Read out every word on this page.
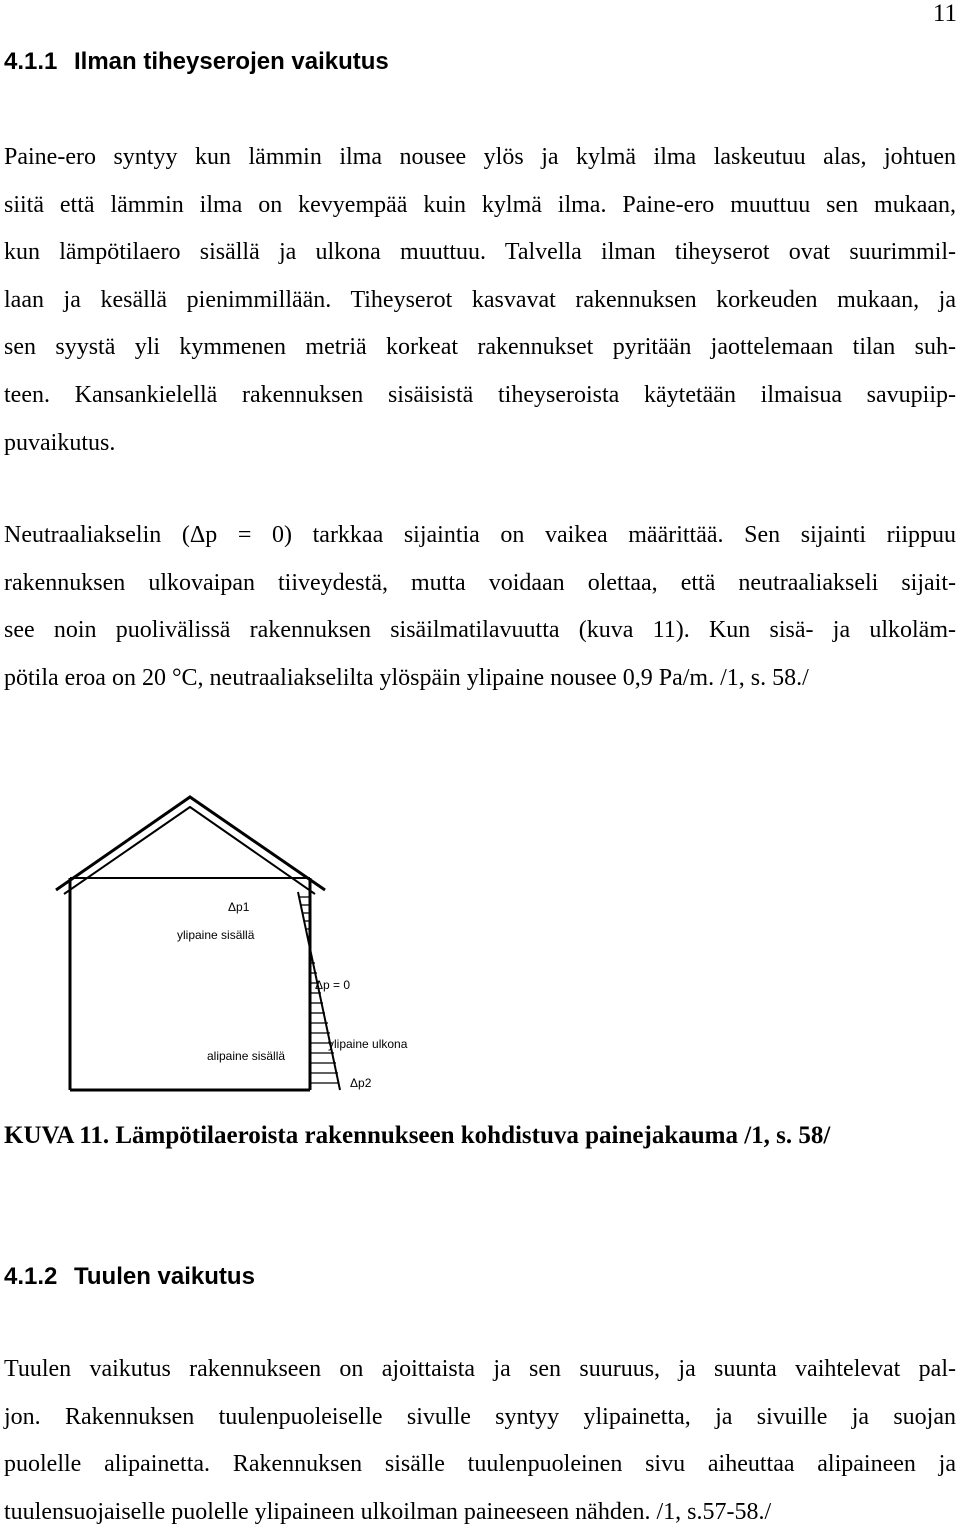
11
4.1.1 Ilman tiheyserojen vaikutus
Paine-ero syntyy kun lämmin ilma nousee ylös ja kylmä ilma laskeutuu alas, johtuen
siitä että lämmin ilma on kevyempää kuin kylmä ilma. Paine-ero muuttuu sen mukaan,
kun lämpötilaero sisällä ja ulkona muuttuu. Talvella ilman tiheyserot ovat suurimmil-
laan ja kesällä pienimmillään. Tiheyserot kasvavat rakennuksen korkeuden mukaan, ja
sen syystä yli kymmenen metriä korkeat rakennukset pyritään jaottelemaan tilan suh-
teen. Kansankielellä rakennuksen sisäisistä tiheyseroista käytetään ilmaisua savupiip-
puvaikutus.
Neutraaliakselin (Δp = 0) tarkkaa sijaintia on vaikea määrittää. Sen sijainti riippuu
rakennuksen ulkovaipan tiiveydestä, mutta voidaan olettaa, että neutraaliakseli sijait-
see noin puolivälissä rakennuksen sisäilmatilavuutta (kuva 11). Kun sisä- ja ulkoläm-
pötila eroa on 20 °C, neutraaliakselilta ylöspäin ylipaine nousee 0,9 Pa/m. /1, s. 58./
Δp1
ylipaine sisällä
Δp = 0
ylipaine ulkona
alipaine sisällä
Δp2
KUVA 11. Lämpötilaeroista rakennukseen kohdistuva painejakauma /1, s. 58/
4.1.2 Tuulen vaikutus
Tuulen vaikutus rakennukseen on ajoittaista ja sen suuruus, ja suunta vaihtelevat pal-
jon. Rakennuksen tuulenpuoleiselle sivulle syntyy ylipainetta, ja sivuille ja suojan
puolelle alipainetta. Rakennuksen sisälle tuulenpuoleinen sivu aiheuttaa alipaineen ja
tuulensuojaiselle puolelle ylipaineen ulkoilman paineeseen nähden. /1, s.57-58./
